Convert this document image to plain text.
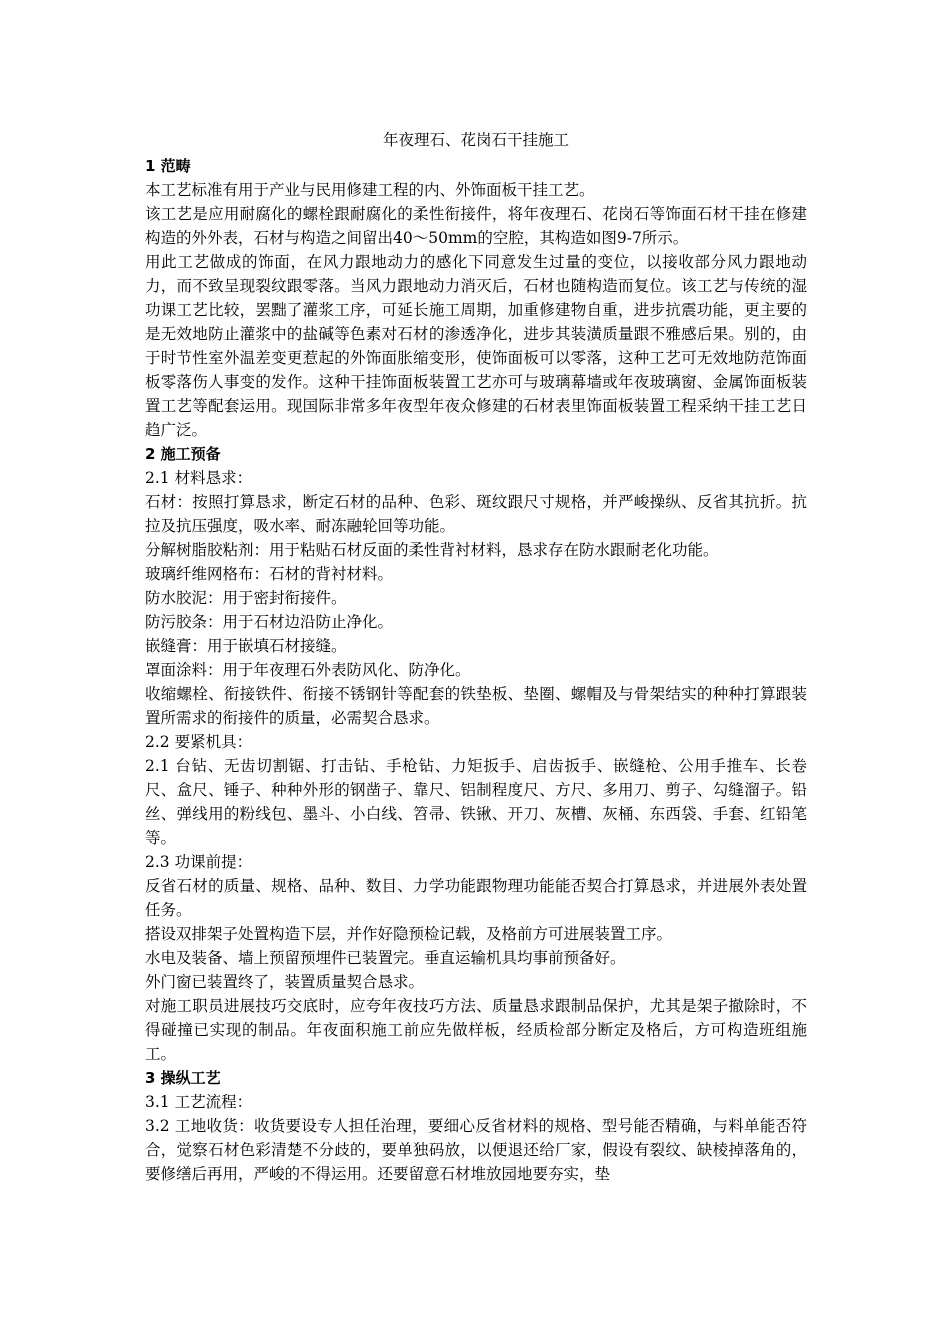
年夜理石、花岗石干挂施工
1 范畴
本工艺标准有用于产业与民用修建工程的内、外饰面板干挂工艺。
该工艺是应用耐腐化的螺栓跟耐腐化的柔性衔接件，将年夜理石、花岗石等饰面石材干挂在修建构造的外外表，石材与构造之间留出40～50mm的空腔，其构造如图9-7所示。
用此工艺做成的饰面，在风力跟地动力的感化下同意发生过量的变位，以接收部分风力跟地动力，而不致呈现裂纹跟零落。当风力跟地动力消灭后，石材也随构造而复位。该工艺与传统的湿功课工艺比较，罢黜了灌浆工序，可延长施工周期，加重修建物自重，进步抗震功能，更主要的是无效地防止灌浆中的盐碱等色素对石材的渗透净化，进步其装潢质量跟不雅感后果。别的，由于时节性室外温差变更惹起的外饰面胀缩变形，使饰面板可以零落，这种工艺可无效地防范饰面板零落伤人事变的发作。这种干挂饰面板装置工艺亦可与玻璃幕墙或年夜玻璃窗、金属饰面板装置工艺等配套运用。现国际非常多年夜型年夜众修建的石材表里饰面板装置工程采纳干挂工艺日趋广泛。
2 施工预备
2.1 材料恳求：
石材：按照打算恳求，断定石材的品种、色彩、斑纹跟尺寸规格，并严峻操纵、反省其抗折。抗拉及抗压强度，吸水率、耐冻融轮回等功能。
分解树脂胶粘剂：用于粘贴石材反面的柔性背衬材料，恳求存在防水跟耐老化功能。
玻璃纤维网格布：石材的背衬材料。
防水胶泥：用于密封衔接件。
防污胶条：用于石材边沿防止净化。
嵌缝膏：用于嵌填石材接缝。
罩面涂料：用于年夜理石外表防风化、防净化。
收缩螺栓、衔接铁件、衔接不锈钢针等配套的铁垫板、垫圈、螺帽及与骨架结实的种种打算跟装置所需求的衔接件的质量，必需契合恳求。
2.2 要紧机具：
2.1 台钻、无齿切割锯、打击钻、手枪钻、力矩扳手、启齿扳手、嵌缝枪、公用手推车、长卷尺、盒尺、锤子、种种外形的钢凿子、靠尺、铝制程度尺、方尺、多用刀、剪子、勾缝溜子。铅丝、弹线用的粉线包、墨斗、小白线、笤帚、铁锹、开刀、灰槽、灰桶、东西袋、手套、红铅笔等。
2.3 功课前提：
反省石材的质量、规格、品种、数目、力学功能跟物理功能能否契合打算恳求，并进展外表处置任务。
搭设双排架子处置构造下层，并作好隐预检记载，及格前方可进展装置工序。
水电及装备、墙上预留预埋件已装置完。垂直运输机具均事前预备好。
外门窗已装置终了，装置质量契合恳求。
对施工职员进展技巧交底时，应夸年夜技巧方法、质量恳求跟制品保护，尤其是架子撤除时，不得碰撞已实现的制品。年夜面积施工前应先做样板，经质检部分断定及格后，方可构造班组施工。
3 操纵工艺
3.1 工艺流程：
3.2 工地收货：收货要设专人担任治理，要细心反省材料的规格、型号能否精确，与料单能否符合，觉察石材色彩清楚不分歧的，要单独码放，以便退还给厂家，假设有裂纹、缺棱掉落角的，要修缮后再用，严峻的不得运用。还要留意石材堆放园地要夯实，垫
